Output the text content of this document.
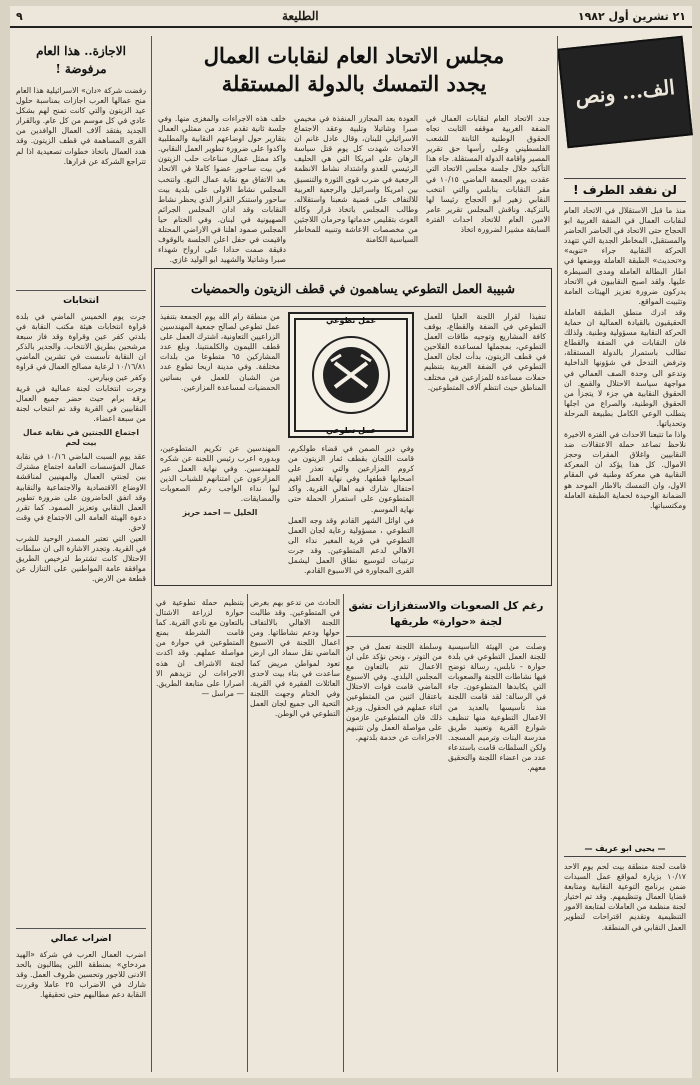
٢١ تشرين أول ١٩٨٢
الطليعة
٩
الف... ونص
لن نفقد الطرف !

منذ ما قبل الاستقلال في الاتحاد العام لنقابات العمال في الضفة الغربية ابو الحجاج حتى الاتحاد في الحاضر الحاضر والمستقبل، المخاطر الجدية التي تتهدد الحركة النقابية جراء «تنويه» و«تحديث» الطبقة العاملة ووضعها في اطار البطالة العاملة ومدى السيطرة عليها. ولقد اصبح النقابيون في الاتحاد يدركون ضرورة تعزيز الهيئات العامة وتثبيت المواقع.

وقد ادرك منطق الطبقة العاملة الحقيقيون بالقيادة العمالية ان حماية الحركة النقابية مسؤولية وطنية. ولذلك فان النقابات في الضفة والقطاع تطالب باستمرار بالدولة المستقلة، وترفض التدخل في شؤونها الداخلية وتدعو الى وحدة الصف العمالي في مواجهة سياسة الاحتلال والقمع. ان الحقوق النقابية هي جزء لا يتجزأ من الحقوق الوطنية، والصراع من اجلها يتطلب الوعي الكامل بطبيعة المرحلة وتحدياتها.

واذا ما تتبعنا الاحداث في الفترة الاخيرة نلاحظ تصاعد حملة الاعتقالات ضد النقابيين واغلاق المقرات وحجز الاموال. كل هذا يؤكد ان المعركة النقابية هي معركة وطنية في المقام الاول، وان التمسك بالاطار الموحد هو الضمانة الوحيدة لحماية الطبقة العاملة ومكتسباتها.

— يحيى ابو عريف —
قامت لجنة منطقة بيت لحم يوم الاحد ١٠/١٧ بزيارة لمواقع عمل السيدات ضمن برنامج التوعية النقابية ومتابعة قضايا العمال وتنظيمهم. وقد تم اختيار لجنة منظمة من العاملات لمتابعة الامور التنظيمية وتقديم اقتراحات لتطوير العمل النقابي في المنطقة.
مجلس الاتحاد العام لنقابات العمال
يجدد التمسك بالدولة المستقلة
جدد الاتحاد العام لنقابات العمال في الضفة الغربية موقفه الثابت تجاه الحقوق الوطنية الثابتة للشعب الفلسطيني وعلى رأسها حق تقرير المصير واقامة الدولة المستقلة. جاء هذا التأكيد خلال جلسة مجلس الاتحاد التي عقدت يوم الجمعة الماضي ١٠/١٥ في مقر النقابات بنابلس والتي انتخب النقابي زهير ابو الحجاج رئيسا لها بالتزكية. وناقش المجلس تقرير عامر الامين العام للاتحاد احداث الفترة السابقة مشيرا لضرورة اتخاذ
العودة بعد المجازر المنفذة في مخيمي صبرا وشاتيلا وتلبية وعقد الاجتماع الاسرائيلي للبنان، وقال عادل غانم ان الاحداث شهدت كل يوم قتل سياسة الرهان على امريكا التي هي الحليف الرئيسي للعدو واشتداد نشاط الانظمة الرجعية في ضرب قوى الثورة والتنسيق بين امريكا واسرائيل والرجعية العربية للالتفاف على قضية شعبنا واستقلاله. وطالب المجلس باتخاذ قرار وكالة الغوث بتقليص خدماتها وحرمان اللاجئين من مخصصات الاعاشة وتنبيه للمخاطر السياسية الكامنة
خلف هذه الاجراءات والمغزى منها. وفي جلسة ثانية تقدم عدد من ممثلي العمال بتقارير حول اوضاعهم النقابية والمطلبية واكدوا على ضرورة تطوير العمل النقابي. واكد ممثل عمال صناعات حلب الزيتون في بيت ساحور عضوا كاملا في الاتحاد بعد الاتفاق مع نقابة عمال التبغ. وانتخب المجلس نشاط الاولى على بلدية بيت ساحور واستنكر القرار الذي يحظر نشاط النقابات وقد ادان المجلس الجرائم الصهيونية في لبنان. وفي الختام حيا المجلس صمود اهلنا في الاراضي المحتلة واقيمت في حفل اعلن الجلسة بالوقوف دقيقة صمت حدادا على ارواح شهداء صبرا وشاتيلا والشهيد ابو الوليد غازي.
الاجازة.. هذا العام
مرفوضة !
رفضت شركة «دان» الاسرائيلية هذا العام منح عمالها العرب اجازات بمناسبة حلول عيد الزيتون والتي كانت تمنح لهم بشكل عادي في كل موسم من كل عام. وبالقرار الجديد يفتقد آلاف العمال الوافدين من القرى المساهمة في قطف الزيتون. وقد هدد العمال باتخاذ خطوات تصعيدية اذا لم تتراجع الشركة عن قرارها.
انتخابات

جرت يوم الخميس الماضي في بلدة قراوة انتخابات هيئة مكتب النقابة في بلدتي كفر عين وقراوة وقد فاز سبعة مرشحين بطريق الانتخاب. والجدير بالذكر ان النقابة تأسست في تشرين الماضي ١٠/١٦/٨١ لرعاية مصالح العمال في قراوة وكفر عين وبيارس.

وجرت انتخابات لجنة عمالية في قرية برقة برام حيث حضر جميع العمال النقابيين في القرية وقد تم انتخاب لجنة من سبعة اعضاء.

اجتماع اللجنتين في نقابة عمال بيت لحم

عقد يوم السبت الماضي ١٠/١٦ في نقابة عمال المؤسسات العامة اجتماع مشترك بين لجنتي العمال والمهنيين لمناقشة الاوضاع الاقتصادية والاجتماعية والنقابية وقد اتفق الحاضرون على ضرورة تطوير العمل النقابي وتعزيز الصمود. كما تقرر دعوة الهيئة العامة الى الاجتماع في وقت لاحق.

العين التي تعتبر المصدر الوحيد للشرب في القرية. وتجدر الاشارة الى ان سلطات الاحتلال كانت تشترط لترخيص الطريق موافقة عامة المواطنين على التنازل عن قطعة من الارض.

اضراب عمالي
اضرب العمال العرب في شركة «الهيد مردخاي» بمنطقة اللبن يطالبون بالحد الادنى للاجور وتحسين ظروف العمل. وقد شارك في الاضراب ٢٥ عاملا وقررت النقابة دعم مطالبهم حتى تحقيقها.
شبيبة العمل التطوعي يساهمون في قطف الزيتون والحمضيات
تنفيذا لقرار اللجنة العليا للعمل التطوعي في الضفة والقطاع، بوقف كافة المشاريع وتوجيه طاقات العمل التطوعي، بمجملها لمساعدة الفلاحين في قطف الزيتون، بدأت لجان العمل التطوعي في الضفة الغربية بتنظيم حملات مساعدة للمزارعين في مختلف المناطق حيث انتظم آلاف المتطوعين.
عمل تطوعي
عمل تطوعي
من منطقة رام الله يوم الجمعة بتنفيذ عمل تطوعي لصالح جمعية المهندسين الزراعيين التعاونية، اشترك العمل على قطف الليمون والكلمنتينا. وبلغ عدد المشاركين ٦٥ متطوعا من بلدات مختلفة. وفي مدينة اريحا تطوع عدد من الشبان للعمل في بساتين الحمضيات لمساعدة المزارعين.

وفي دير الصمن في قضاء طولكرم، قامت اللجان بقطف ثمار الزيتون من كروم المزارعين والتي تعذر على اصحابها قطفها. وفي نهاية العمل اقيم احتفال شارك فيه اهالي القرية. واكد المتطوعون على استمرار الحملة حتى نهاية الموسم.

في اوائل الشهر القادم وقد وجه العمل التطوعي ، مسؤولية رعاية لجان العمل التطوعي في قرية المغير نداء الى الاهالي لدعم المتطوعين. وقد جرت ترتيبات لتوسيع نطاق العمل ليشمل القرى المجاورة في الاسبوع القادم.

المهندسين عن تكريم المتطوعين، وبدوره اعرب رئيس اللجنة عن شكره للمهندسين. وفي نهاية العمل عبر المزارعون عن امتنانهم للشباب الذين لبوا نداء الواجب رغم الصعوبات والمضايقات.

الخليل — احمد حريز

رغم كل الصعوبات والاستفزازات تشق لجنة «حوارة» طريقها
وصلت من الهيئة التأسيسية للجنة العمل التطوعي في بلدة حوارة - نابلس، رسالة توضح فيها نشاطات اللجنة والصعوبات التي يكابدها المتطوعون. جاء في الرسالة: لقد قامت اللجنة منذ تأسيسها بالعديد من الاعمال التطوعية منها تنظيف شوارع القرية وتعبيد طريق مدرسة البنات وترميم المسجد. ولكن السلطات قامت باستدعاء عدد من اعضاء اللجنة والتحقيق معهم.
وسلطة اللجنة تعمل في جو من التوتر ، ونحن نؤكد على ان الاعمال تتم بالتعاون مع المجلس البلدي. وفي الاسبوع الماضي قامت قوات الاحتلال باعتقال اثنين من المتطوعين اثناء عملهم في الحقول. ورغم ذلك فان المتطوعين عازمون على مواصلة العمل ولن تثنيهم الاجراءات عن خدمة بلدتهم.
الحادث من تدعو بهم بغرض في المتطوعين. وقد طالبت اللجنة الاهالي بالالتفاف حولها ودعم نشاطاتها. ومن اعمال اللجنة في الاسبوع الماضي نقل سماد الى ارض تعود لمواطن مريض كما ساعدت في بناء بيت لاحدى العائلات الفقيرة في القرية. وفي الختام وجهت اللجنة التحية الى جميع لجان العمل التطوعي في الوطن.
بتنظيم حملة تطوعية في حوارة لزراعة الاشتال بالتعاون مع نادي القرية. كما قامت الشرطة بمنع المتطوعين في حوارة من مواصلة عملهم. وقد اكدت لجنة الاشراف ان هذه الاجراءات لن تزيدهم الا اصرارا على متابعة الطريق. — مراسل —
